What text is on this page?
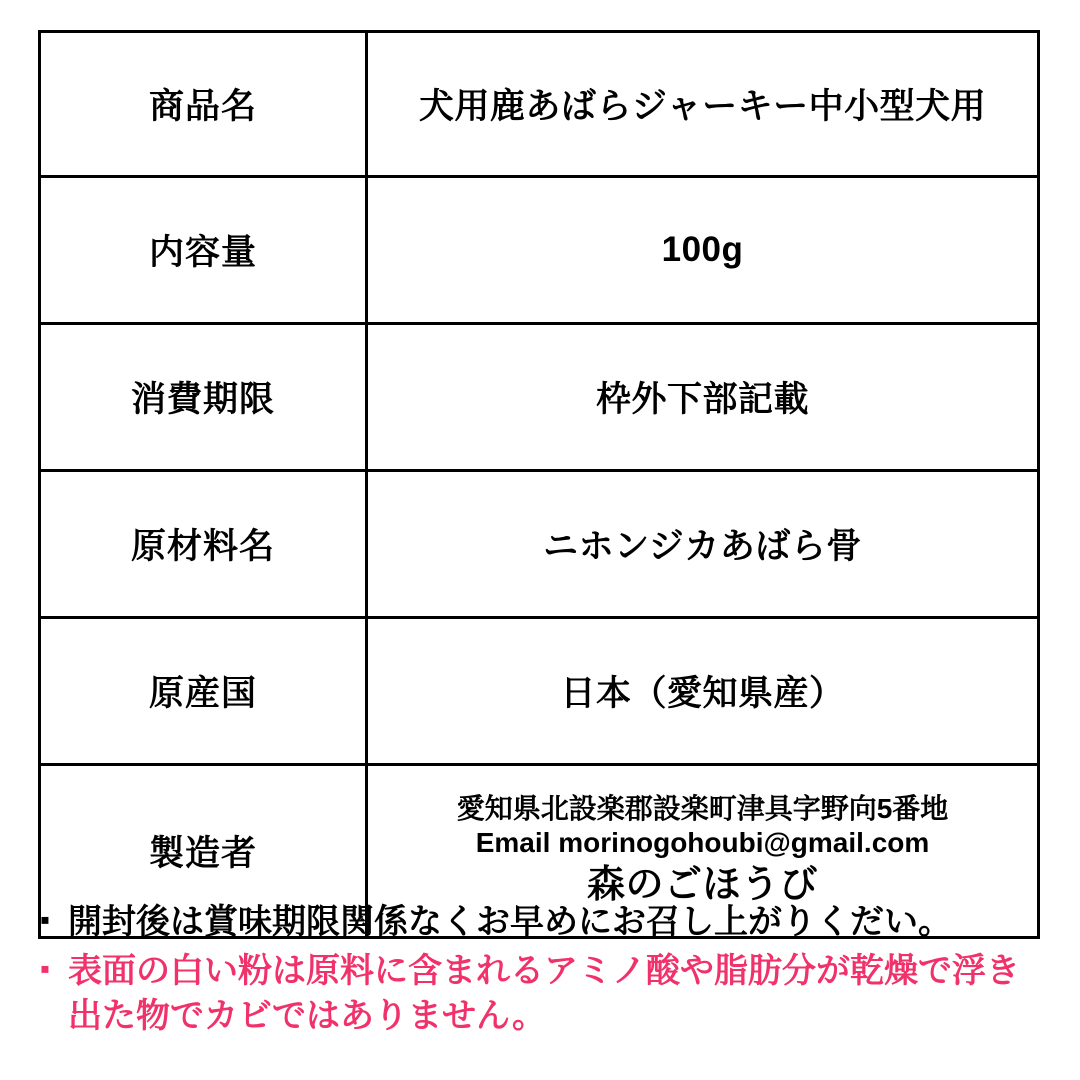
商品名	犬用鹿あばらジャーキー中小型犬用
内容量	100g
消費期限	枠外下部記載
原材料名	ニホンジカあばら骨
原産国	日本（愛知県産）
製造者	愛知県北設楽郡設楽町津具字野向5番地
Email morinogohoubi@gmail.com
森のごほうび
▪ 開封後は賞味期限関係なくお早めにお召し上がりくだい。
▪ 表面の白い粉は原料に含まれるアミノ酸や脂肪分が乾燥で浮き出た物でカビではありません。
